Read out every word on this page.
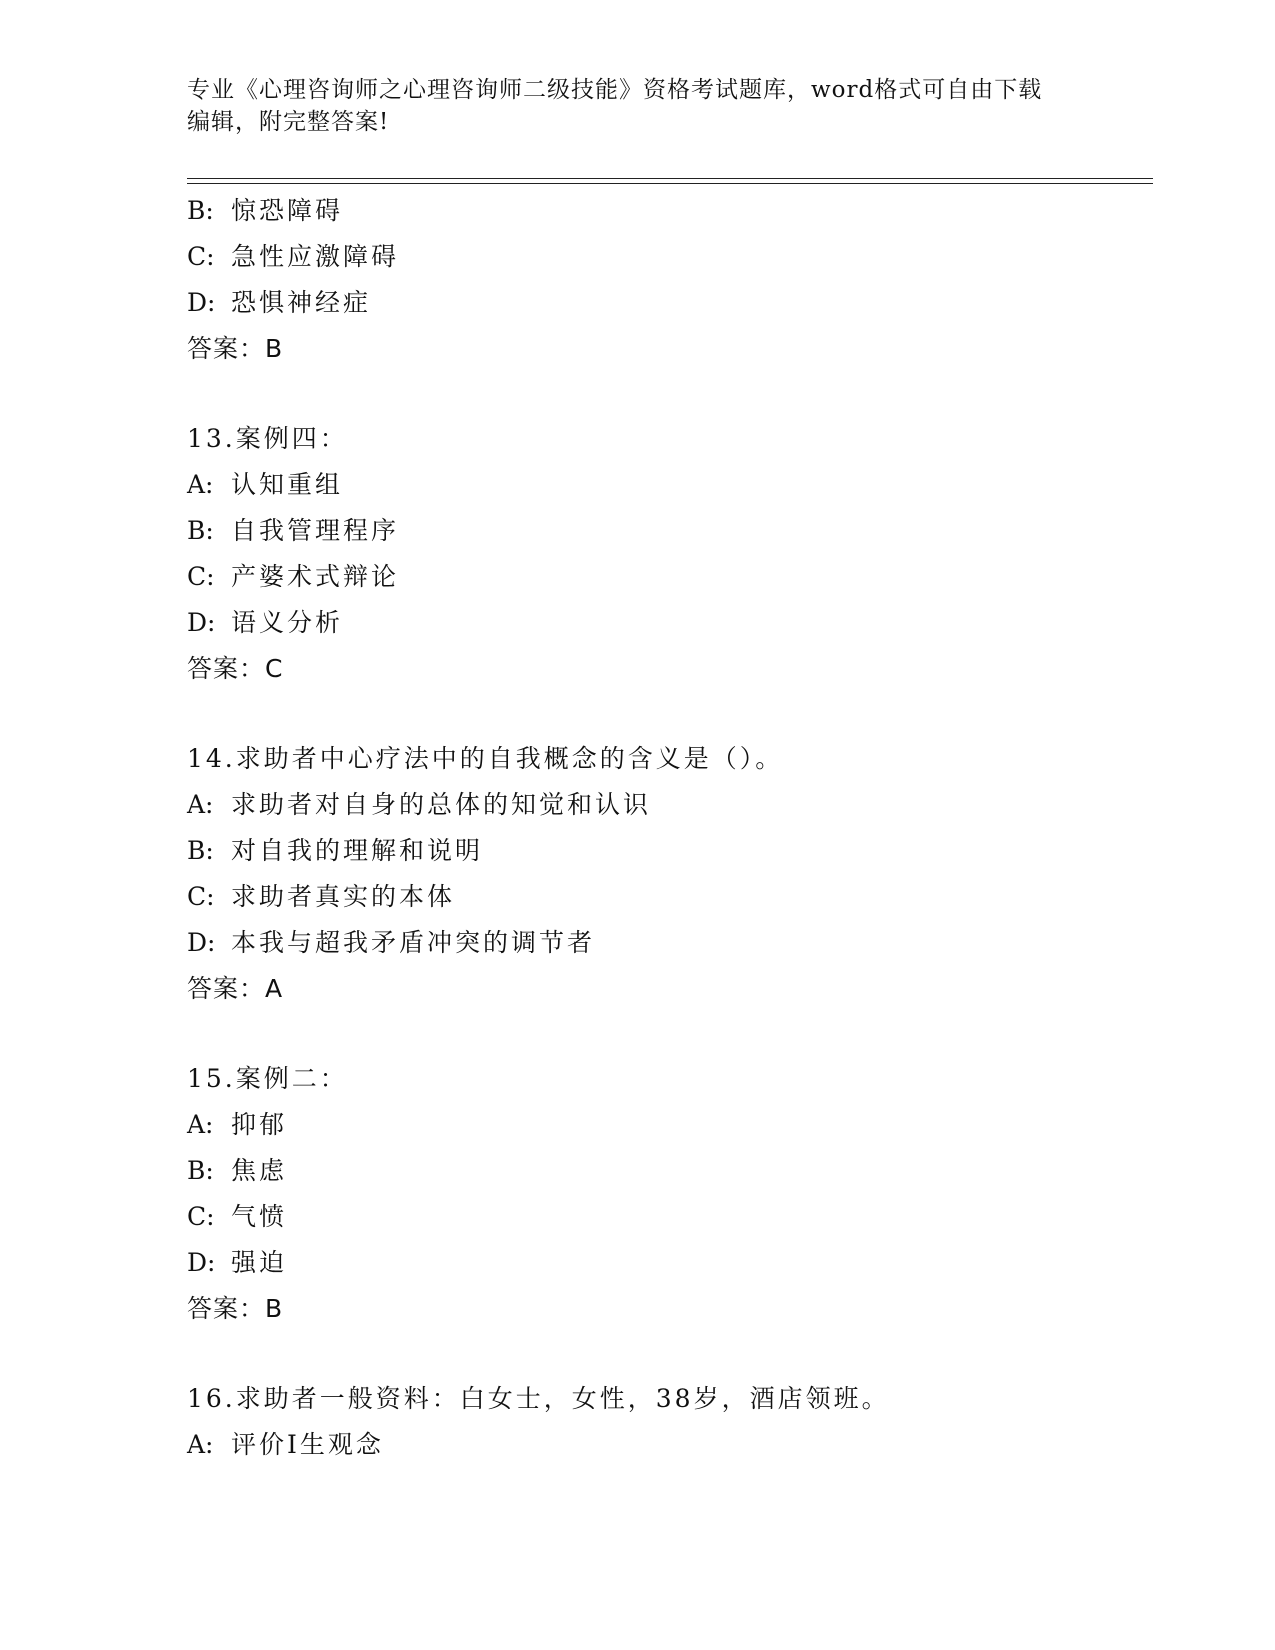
专业《心理咨询师之心理咨询师二级技能》资格考试题库，word格式可自由下载
编辑，附完整答案!
B: 惊恐障碍
C: 急性应激障碍
D: 恐惧神经症
答案：B
13.案例四：
A: 认知重组
B: 自我管理程序
C: 产婆术式辩论
D: 语义分析
答案：C
14.求助者中心疗法中的自我概念的含义是（）。
A: 求助者对自身的总体的知觉和认识
B: 对自我的理解和说明
C: 求助者真实的本体
D: 本我与超我矛盾冲突的调节者
答案：A
15.案例二：
A: 抑郁
B: 焦虑
C: 气愤
D: 强迫
答案：B
16.求助者一般资料：白女士，女性，38岁，酒店领班。
A: 评价I生观念
